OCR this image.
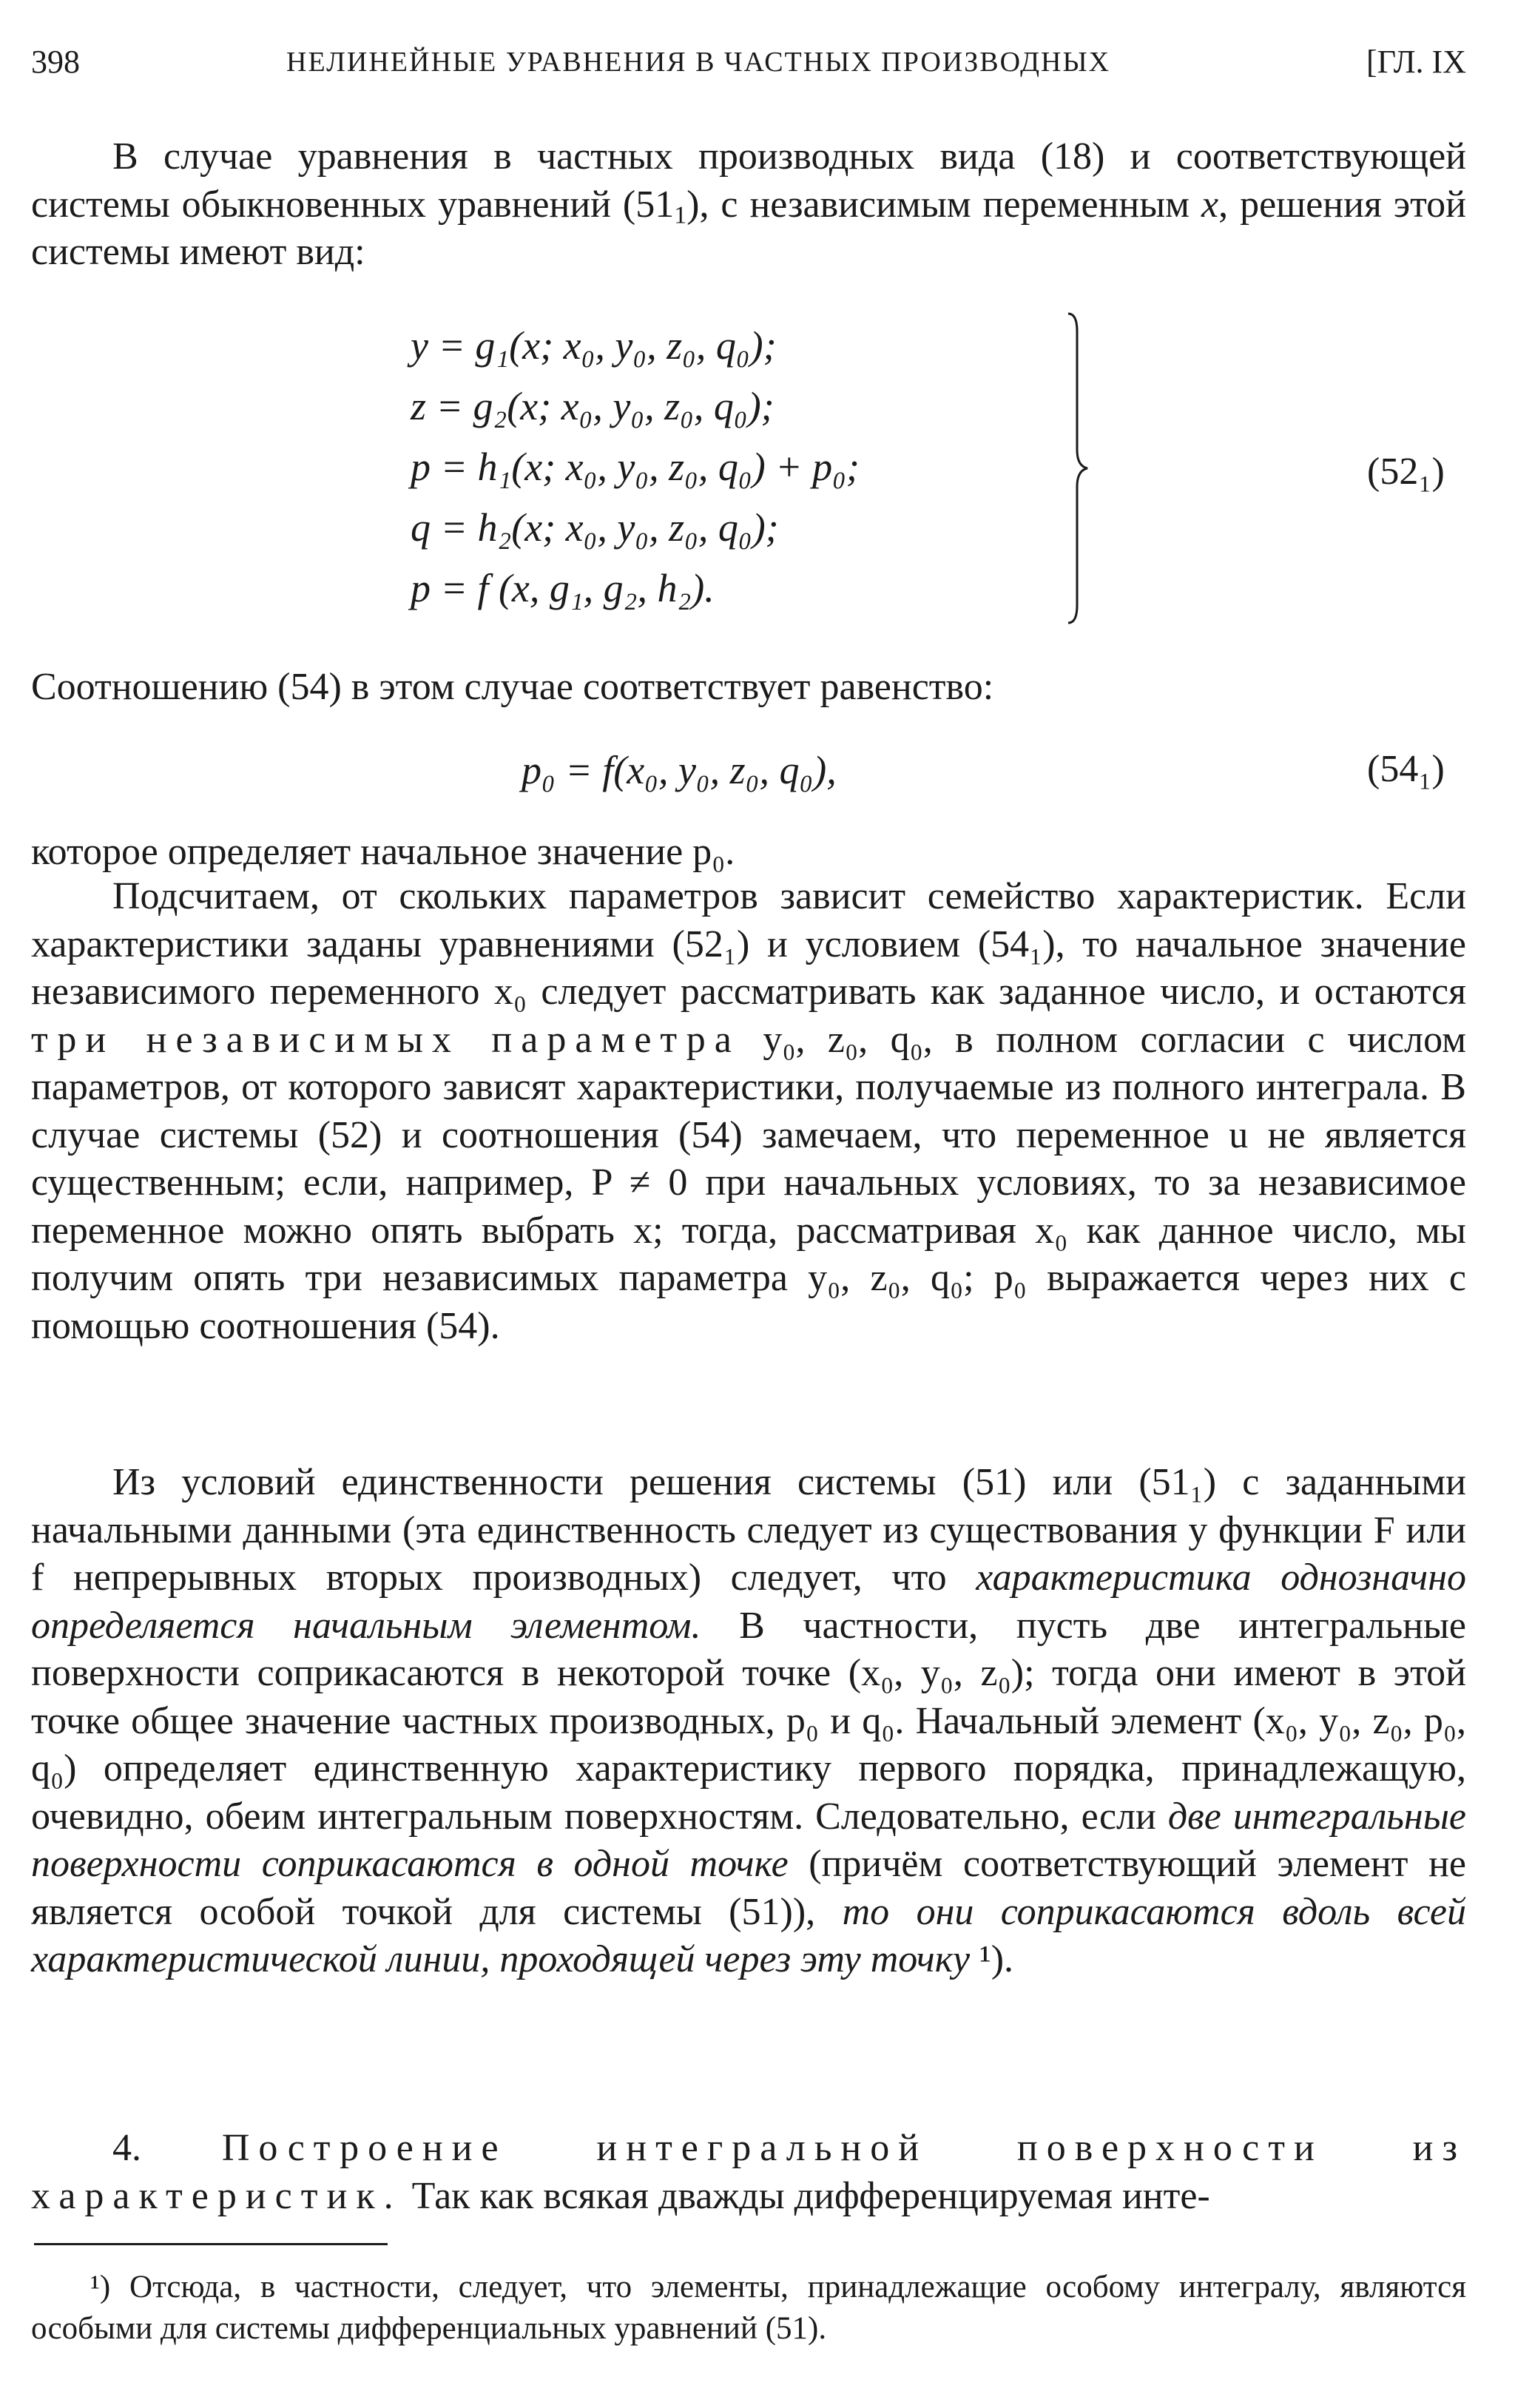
398	НЕЛИНЕЙНЫЕ УРАВНЕНИЯ В ЧАСТНЫХ ПРОИЗВОДНЫХ	[ГЛ. IX

В случае уравнения в частных производных вида (18) и соответствующей системы обыкновенных уравнений $(51_1)$, с независимым переменным x, решения этой системы имеют вид:

y = g₁(x; x₀, y₀, z₀, q₀);
z = g₂(x; x₀, y₀, z₀, q₀);
p = h₁(x; x₀, y₀, z₀, q₀) + p₀;
q = h₂(x; x₀, y₀, z₀, q₀);
p = f (x, g₁, g₂, h₂).
(52₁)

Соотношению (54) в этом случае соответствует равенство:

p₀ = f(x₀, y₀, z₀, q₀),	(54₁)

которое определяет начальное значение p₀.

Подсчитаем, от скольких параметров зависит семейство характеристик. Если характеристики заданы уравнениями (52₁) и условием (54₁), то начальное значение независимого переменного x₀ следует рассматривать как заданное число, и остаются три независимых параметра y₀, z₀, q₀, в полном согласии с числом параметров, от которого зависят характеристики, получаемые из полного интеграла. В случае системы (52) и соотношения (54) замечаем, что переменное u не является существенным; если, например, P ≠ 0 при начальных условиях, то за независимое переменное можно опять выбрать x; тогда, рассматривая x₀ как данное число, мы получим опять три независимых параметра y₀, z₀, q₀; p₀ выражается через них с помощью соотношения (54).

Из условий единственности решения системы (51) или (51₁) с заданными начальными данными (эта единственность следует из существования у функции F или f непрерывных вторых производных) следует, что характеристика однозначно определяется начальным элементом. В частности, пусть две интегральные поверхности соприкасаются в некоторой точке (x₀, y₀, z₀); тогда они имеют в этой точке общее значение частных производных, p₀ и q₀. Начальный элемент (x₀, y₀, z₀, p₀, q₀) определяет единственную характеристику первого порядка, принадлежащую, очевидно, обеим интегральным поверхностям. Следовательно, если две интегральные поверхности соприкасаются в одной точке (причём соответствующий элемент не является особой точкой для системы (51)), то они соприкасаются вдоль всей характеристической линии, проходящей через эту точку ¹).

4. Построение интегральной поверхности из характеристик. Так как всякая дважды дифференцируемая инте-

¹) Отсюда, в частности, следует, что элементы, принадлежащие особому интегралу, являются особыми для системы дифференциальных уравнений (51).
